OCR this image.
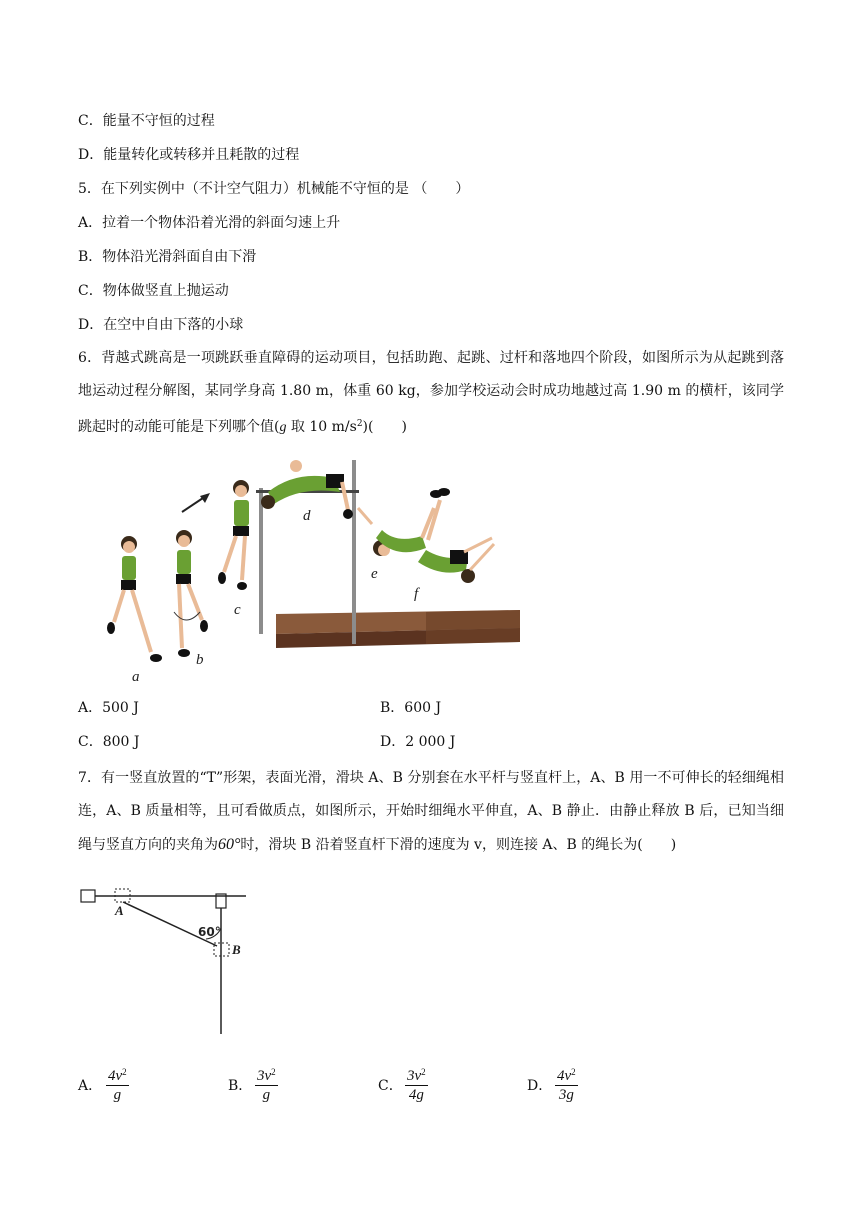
C．能量不守恒的过程
D．能量转化或转移并且耗散的过程
5．在下列实例中（不计空气阻力）机械能不守恒的是 （　　）
A．拉着一个物体沿着光滑的斜面匀速上升
B．物体沿光滑斜面自由下滑
C．物体做竖直上抛运动
D．在空中自由下落的小球
6．背越式跳高是一项跳跃垂直障碍的运动项目，包括助跑、起跳、过杆和落地四个阶段，如图所示为从起跳到落地运动过程分解图，某同学身高 1.80 m，体重 60 kg，参加学校运动会时成功地越过高 1.90 m 的横杆，该同学跳起时的动能可能是下列哪个值(g 取 10 $m/s^2$)(　　)
a
b
c
d
e
f
A．500 J	B．600 J
C．800 J	D．2 000 J
7．有一竖直放置的“T”形架，表面光滑，滑块 A、B 分别套在水平杆与竖直杆上，A、B 用一不可伸长的轻细绳相连，A、B 质量相等，且可看做质点，如图所示，开始时细绳水平伸直，A、B 静止．由静止释放 B 后，已知当细绳与竖直方向的夹角为60°时，滑块 B 沿着竖直杆下滑的速度为 v，则连接 A、B 的绳长为(　　)
A
B
60°
A． $\frac{4v^2}{g}$	B． $\frac{3v^2}{g}$	C． $\frac{3v^2}{4g}$	D． $\frac{4v^2}{3g}$
